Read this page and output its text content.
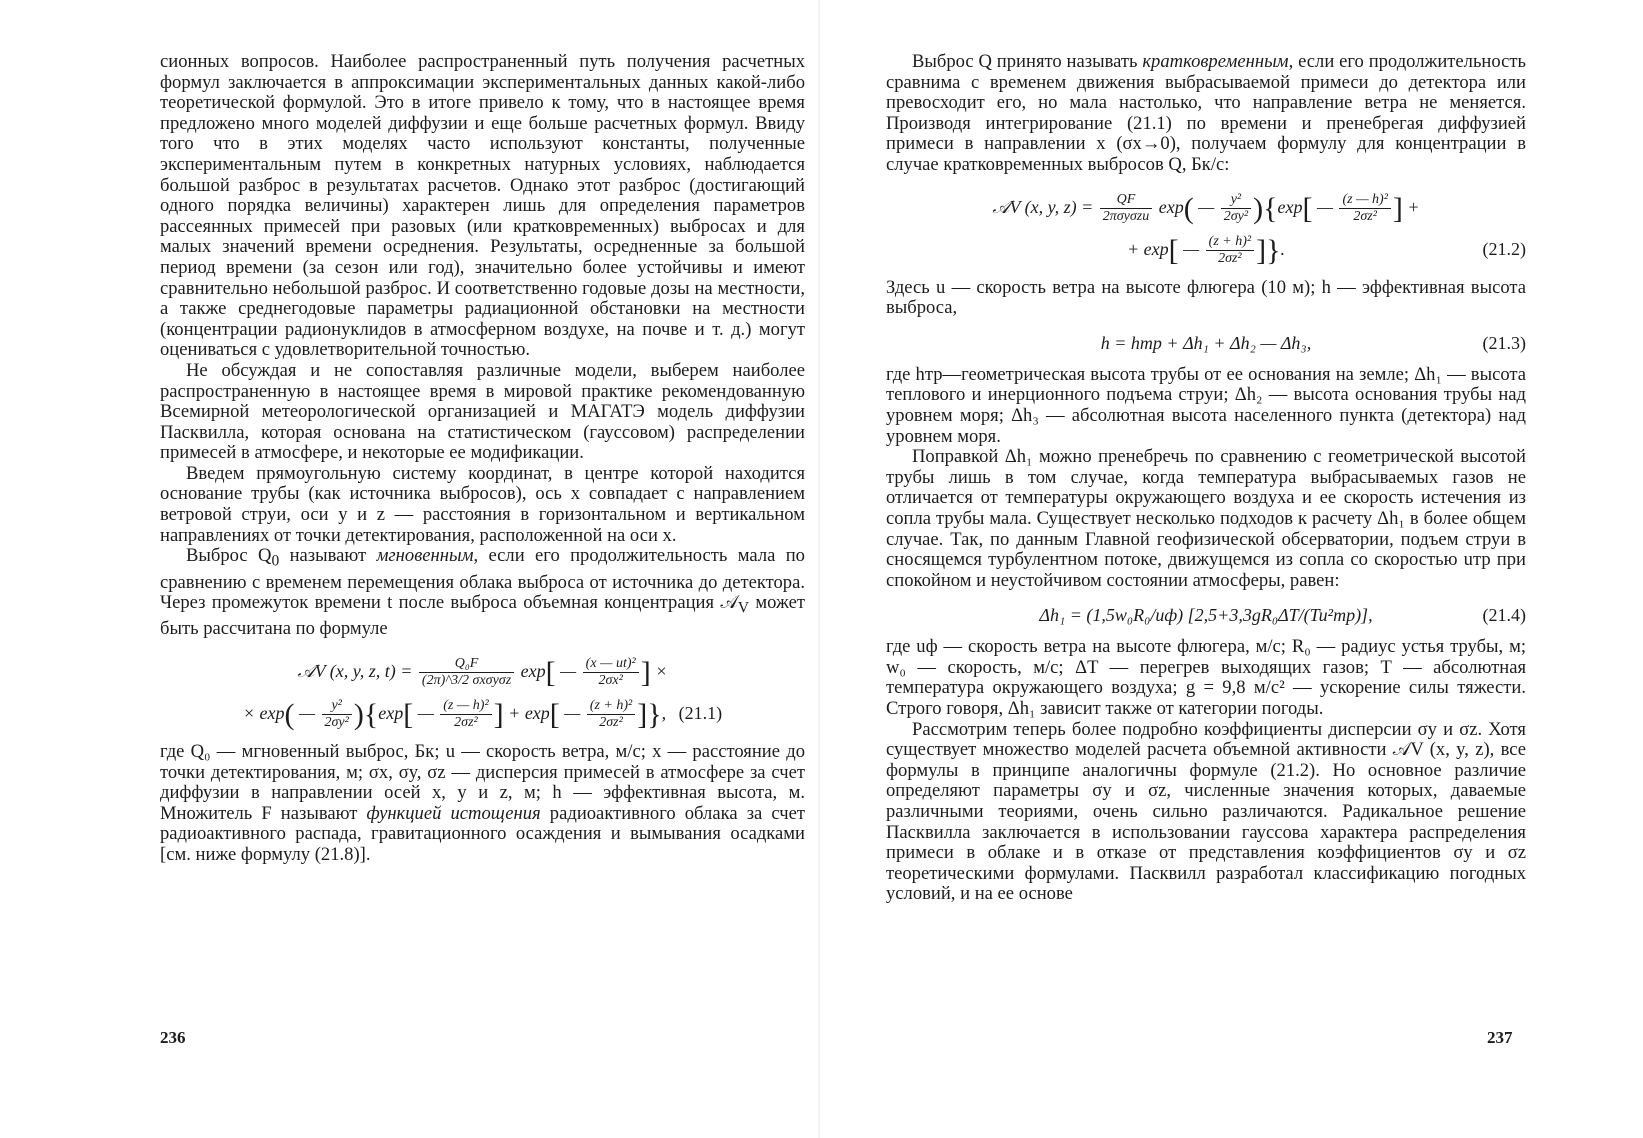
сионных вопросов. Наиболее распространенный путь получения расчетных формул заключается в аппроксимации экспериментальных данных какой-либо теоретической формулой. Это в итоге привело к тому, что в настоящее время предложено много моделей диффузии и еще больше расчетных формул. Ввиду того что в этих моделях часто используют константы, полученные экспериментальным путем в конкретных натурных условиях, наблюдается большой разброс в результатах расчетов. Однако этот разброс (достигающий одного порядка величины) характерен лишь для определения параметров рассеянных примесей при разовых (или кратковременных) выбросах и для малых значений времени осреднения. Результаты, осредненные за большой период времени (за сезон или год), значительно более устойчивы и имеют сравнительно небольшой разброс. И соответственно годовые дозы на местности, а также среднегодовые параметры радиационной обстановки на местности (концентрации радионуклидов в атмосферном воздухе, на почве и т. д.) могут оцениваться с удовлетворительной точностью.

Не обсуждая и не сопоставляя различные модели, выберем наиболее распространенную в настоящее время в мировой практике рекомендованную Всемирной метеорологической организацией и МАГАТЭ модель диффузии Пасквилла, которая основана на статистическом (гауссовом) распределении примесей в атмосфере, и некоторые ее модификации.

Введем прямоугольную систему координат, в центре которой находится основание трубы (как источника выбросов), ось x совпадает с направлением ветровой струи, оси y и z — расстояния в горизонтальном и вертикальном направлениях от точки детектирования, расположенной на оси x.

Выброс $Q_0$ называют мгновенным, если его продолжительность мала по сравнению с временем перемещения облака выброса от источника до детектора. Через промежуток времени t после выброса объемная концентрация 𝒜$_V$ может быть рассчитана по формуле

𝒜V (x, y, z, t) =	Q₀F
(2π)^3/2 σxσyσz exp[ — $\frac{\text{(x — ut)²}}{\text{2σx²}}$ ] ×
× exp( — $\frac{\text{y²}}{\text{2σy²}} )\{\exp$[ — $\frac{\text{(z — h)²}}{\text{2σz²}}$ ] + exp[ — $\frac{\text{(z + h)²}}{\text{2σz²}}$ ]}, (21.1)

где Q₀ — мгновенный выброс, Бк; u — скорость ветра, м/с; x — расстояние до точки детектирования, м; σx, σy, σz — дисперсия примесей в атмосфере за счет диффузии в направлении осей x, y и z, м; h — эффективная высота, м. Множитель F называют функцией истощения радиоактивного облака за счет радиоактивного распада, гравитационного осаждения и вымывания осадками [см. ниже формулу (21.8)].

236

Выброс Q принято называть кратковременным, если его продолжительность сравнима с временем движения выбрасываемой примеси до детектора или превосходит его, но мала настолько, что направление ветра не меняется. Производя интегрирование (21.1) по времени и пренебрегая диффузией примеси в направлении x (σx→0), получаем формулу для концентрации в случае кратковременных выбросов Q, Бк/с:

𝒜V (x, y, z) =	QF
2πσyσzu exp( — $\frac{\text{y²}}{\text{2σy²}} )\{\exp$[ — $\frac{\text{(z — h)²}}{\text{2σz²}}$ ] +
+ exp[ — $\frac{\text{(z + h)²}}{\text{2σz²}}$ ]}.	(21.2)

Здесь u — скорость ветра на высоте флюгера (10 м); h — эффективная высота выброса,

h = hтр + Δh₁ + Δh₂ — Δh₃,	(21.3)

где hтр—геометрическая высота трубы от ее основания на земле; Δh₁ — высота теплового и инерционного подъема струи; Δh₂ — высота основания трубы над уровнем моря; Δh₃ — абсолютная высота населенного пункта (детектора) над уровнем моря.

Поправкой Δh₁ можно пренебречь по сравнению с геометрической высотой трубы лишь в том случае, когда температура выбрасываемых газов не отличается от температуры окружающего воздуха и ее скорость истечения из сопла трубы мала. Существует несколько подходов к расчету Δh₁ в более общем случае. Так, по данным Главной геофизической обсерватории, подъем струи в сносящемся турбулентном потоке, движущемся из сопла со скоростью uтр при спокойном и неустойчивом состоянии атмосферы, равен:

Δh₁ = (1,5w₀R₀/uф) [2,5+3,3gR₀ΔT/(Tu²тр)],	(21.4)

где uф — скорость ветра на высоте флюгера, м/с; R₀ — радиус устья трубы, м; w₀ — скорость, м/с; ΔT — перегрев выходящих газов; T — абсолютная температура окружающего воздуха; g = 9,8 м/с² — ускорение силы тяжести. Строго говоря, Δh₁ зависит также от категории погоды.

Рассмотрим теперь более подробно коэффициенты дисперсии σy и σz. Хотя существует множество моделей расчета объемной активности 𝒜V (x, y, z), все формулы в принципе аналогичны формуле (21.2). Но основное различие определяют параметры σy и σz, численные значения которых, даваемые различными теориями, очень сильно различаются. Радикальное решение Пасквилла заключается в использовании гауссова характера распределения примеси в облаке и в отказе от представления коэффициентов σy и σz теоретическими формулами. Пасквилл разработал классификацию погодных условий, и на ее основе

237
